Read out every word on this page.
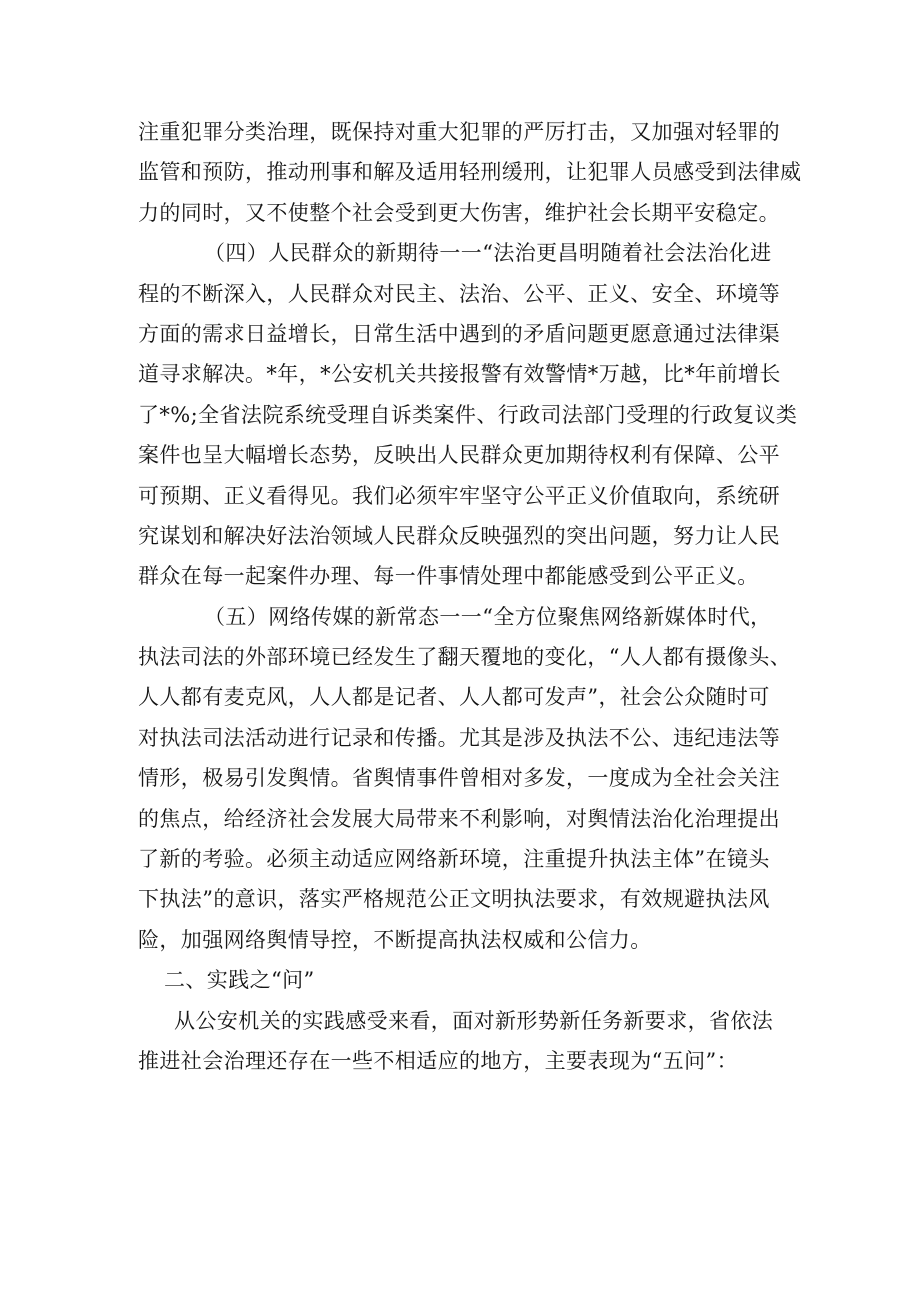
注重犯罪分类治理，既保持对重大犯罪的严厉打击，又加强对轻罪的
监管和预防，推动刑事和解及适用轻刑缓刑，让犯罪人员感受到法律威
力的同时，又不使整个社会受到更大伤害，维护社会长期平安稳定。
（四）人民群众的新期待一一“法治更昌明随着社会法治化进
程的不断深入，人民群众对民主、法治、公平、正义、安全、环境等
方面的需求日益增长，日常生活中遇到的矛盾问题更愿意通过法律渠
道寻求解决。*年，*公安机关共接报警有效警情*万越，比*年前增长
了*%;全省法院系统受理自诉类案件、行政司法部门受理的行政复议类
案件也呈大幅增长态势，反映出人民群众更加期待权利有保障、公平
可预期、正义看得见。我们必须牢牢坚守公平正义价值取向，系统研
究谋划和解决好法治领域人民群众反映强烈的突出问题，努力让人民
群众在每一起案件办理、每一件事情处理中都能感受到公平正义。
（五）网络传媒的新常态一一“全方位聚焦网络新媒体时代，
执法司法的外部环境已经发生了翻天覆地的变化，“人人都有摄像头、
人人都有麦克风，人人都是记者、人人都可发声”，社会公众随时可
对执法司法活动进行记录和传播。尤其是涉及执法不公、违纪违法等
情形，极易引发舆情。省舆情事件曾相对多发，一度成为全社会关注
的焦点，给经济社会发展大局带来不利影响，对舆情法治化治理提出
了新的考验。必须主动适应网络新环境，注重提升执法主体”在镜头
下执法”的意识，落实严格规范公正文明执法要求，有效规避执法风
险，加强网络舆情导控，不断提高执法权威和公信力。
二、实践之“问”
从公安机关的实践感受来看，面对新形势新任务新要求，省依法
推进社会治理还存在一些不相适应的地方，主要表现为“五问”：
